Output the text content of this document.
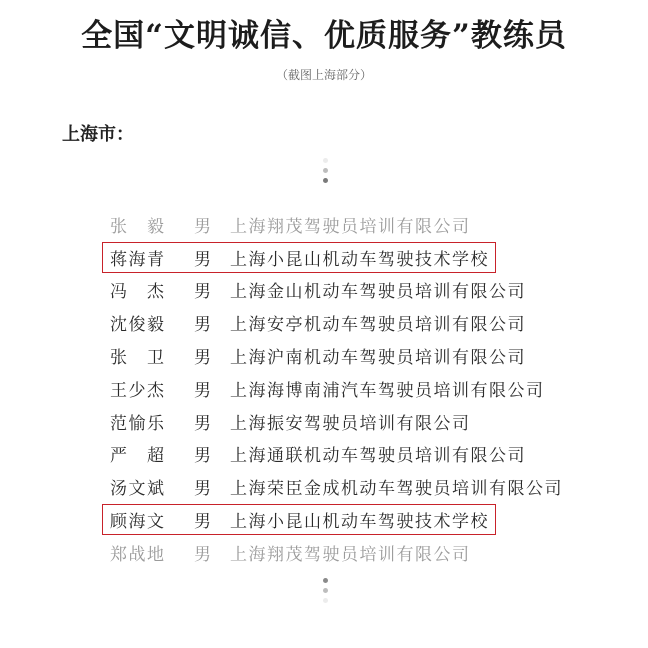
全国“文明诚信、优质服务”教练员
（截图上海部分）
上海市：
张　毅	男	上海翔茂驾驶员培训有限公司
蒋海青	男	上海小昆山机动车驾驶技术学校
冯　杰	男	上海金山机动车驾驶员培训有限公司
沈俊毅	男	上海安亭机动车驾驶员培训有限公司
张　卫	男	上海沪南机动车驾驶员培训有限公司
王少杰	男	上海海博南浦汽车驾驶员培训有限公司
范愉乐	男	上海振安驾驶员培训有限公司
严　超	男	上海通联机动车驾驶员培训有限公司
汤文斌	男	上海荣臣金成机动车驾驶员培训有限公司
顾海文	男	上海小昆山机动车驾驶技术学校
郑战地	男	上海翔茂驾驶员培训有限公司
